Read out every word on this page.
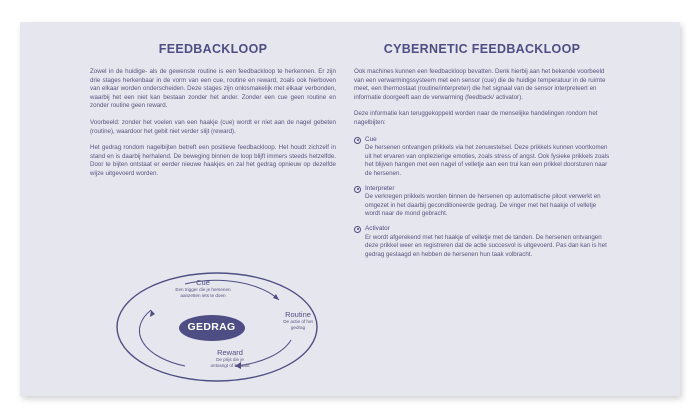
FEEDBACKLOOP

Zowel in de huidige- als de gewenste routine is een feedbackloop te herkennen. Er zijn drie stages herkenbaar in de vorm van een cue, routine en reward, zoals ook hierboven van elkaar worden onderscheiden. Deze stages zijn onlosmakelijk met elkaar verbonden, waarbij het een niet kan bestaan zonder het ander. Zonder een cue geen routine en zonder routine geen reward.

Voorbeeld: zonder het voelen van een haakje (cue) wordt er niet aan de nagel gebeten (routine), waardoor het gebit niet verder slijt (reward).

Het gedrag rondom nagelbijten betreft een positieve feedbackloop. Het houdt zichzelf in stand en is daarbij herhalend. De beweging binnen de loop blijft immers steeds hetzelfde. Door te bijten ontstaat er eerder nieuwe haakjes en zal het gedrag opnieuw op dezelfde wijze uitgevoerd worden.

GEDRAG
Cue
Een trigger die je hersenen
aanzetten iets te doen
Routine
De actie of het
gedrag
Reward
De prijs die je
ontvangt of betaald
CYBERNETIC FEEDBACKLOOP

Ook machines kunnen een feedbackloop bevatten. Denk hierbij aan het bekende voorbeeld van een verwarmingssysteem met een sensor (cue) die de huidige temperatuur in de ruimte meet, een thermostaat (routine/interpreter) die het signaal van de sensor interpreteert en informatie doorgeeft aan de verwarming (feedback/ activator).

Deze informatie kan teruggekoppeld worden naar de menselijke handelingen rondom het nagelbijten:

Cue
De hersenen ontvangen prikkels via het zenuwstelsel. Deze prikkels kunnen voortkomen uit het ervaren van onplezierige emoties, zoals stress of angst. Ook fysieke prikkels zoals het blijven hangen met een nagel of velletje aan een trui kan een prikkel doorsturen naar de hersenen.
Interpreter
De verkregen prikkels worden binnen de hersenen op automatische piloot verwerkt en omgezet in het daarbij geconditioneerde gedrag. De vinger met het haakje of velletje wordt naar de mond gebracht.
Activator
Er wordt afgerekend met het haakje of velletje met de tanden. De hersenen ontvangen deze prikkel weer en registreren dat de actie succesvol is uitgevoerd. Pas dan kan is het gedrag geslaagd en hebben de hersenen hun taak volbracht.
